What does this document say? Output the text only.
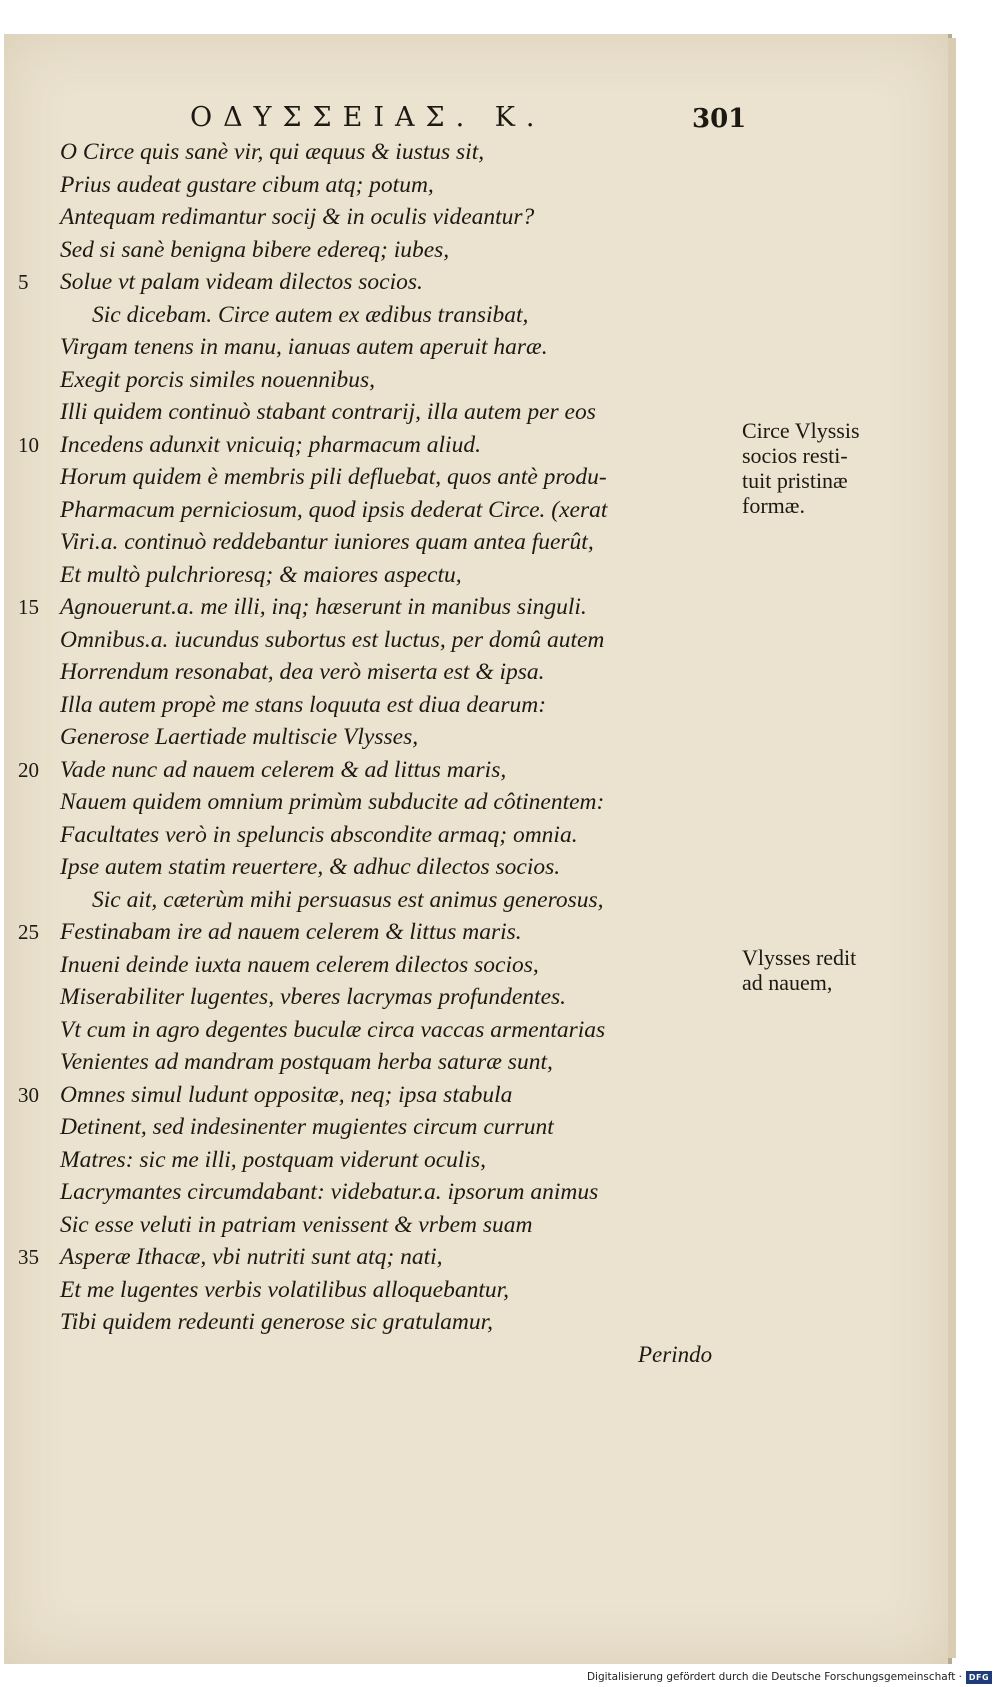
ΟΔΥΣΣΕΙΑΣ. Κ.	301
O Circe quis sanè vir, qui æquus & iustus sit,
Prius audeat gustare cibum atq; potum,
Antequam redimantur socij & in oculis videantur?
Sed si sanè benigna bibere edereq; iubes,
5	Solue vt palam videam dilectos socios.
Sic dicebam. Circe autem ex ædibus transibat,
Virgam tenens in manu, ianuas autem aperuit haræ.
Exegit porcis similes nouennibus,
Illi quidem continuò stabant contrarij, illa autem per eos
10 Incedens adunxit vnicuiq; pharmacum aliud.
Horum quidem è membris pili defluebat, quos antè produ-
Pharmacum perniciosum, quod ipsis dederat Circe. (xerat
Viri.a. continuò reddebantur iuniores quam antea fuerût,
Et multò pulchrioresq; & maiores aspectu,
15 Agnouerunt.a. me illi, inq; hæserunt in manibus singuli.
Omnibus.a. iucundus subortus est luctus, per domû autem
Horrendum resonabat, dea verò miserta est & ipsa.
Illa autem propè me stans loquuta est diua dearum:
Generose Laertiade multiscie Vlysses,
20 Vade nunc ad nauem celerem & ad littus maris,
Nauem quidem omnium primùm subducite ad côtinentem:
Facultates verò in speluncis abscondite armaq; omnia.
Ipse autem statim reuertere, & adhuc dilectos socios.
Sic ait, cæterùm mihi persuasus est animus generosus,
25 Festinabam ire ad nauem celerem & littus maris.
Inueni deinde iuxta nauem celerem dilectos socios,
Miserabiliter lugentes, vberes lacrymas profundentes.
Vt cum in agro degentes buculæ circa vaccas armentarias
Venientes ad mandram postquam herba saturæ sunt,
30 Omnes simul ludunt oppositæ, neq; ipsa stabula
Detinent, sed indesinenter mugientes circum currunt
Matres: sic me illi, postquam viderunt oculis,
Lacrymantes circumdabant: videbatur.a. ipsorum animus
Sic esse veluti in patriam venissent & vrbem suam
35 Asperæ Ithacæ, vbi nutriti sunt atq; nati,
Et me lugentes verbis volatilibus alloquebantur,
Tibi quidem redeunti generose sic gratulamur,
Circe Vlyssis
socios resti-
tuit pristinæ
formæ.
Vlysses redit
ad nauem,
Perindo
Digitalisierung gefördert durch die Deutsche Forschungsgemeinschaft · DFG
